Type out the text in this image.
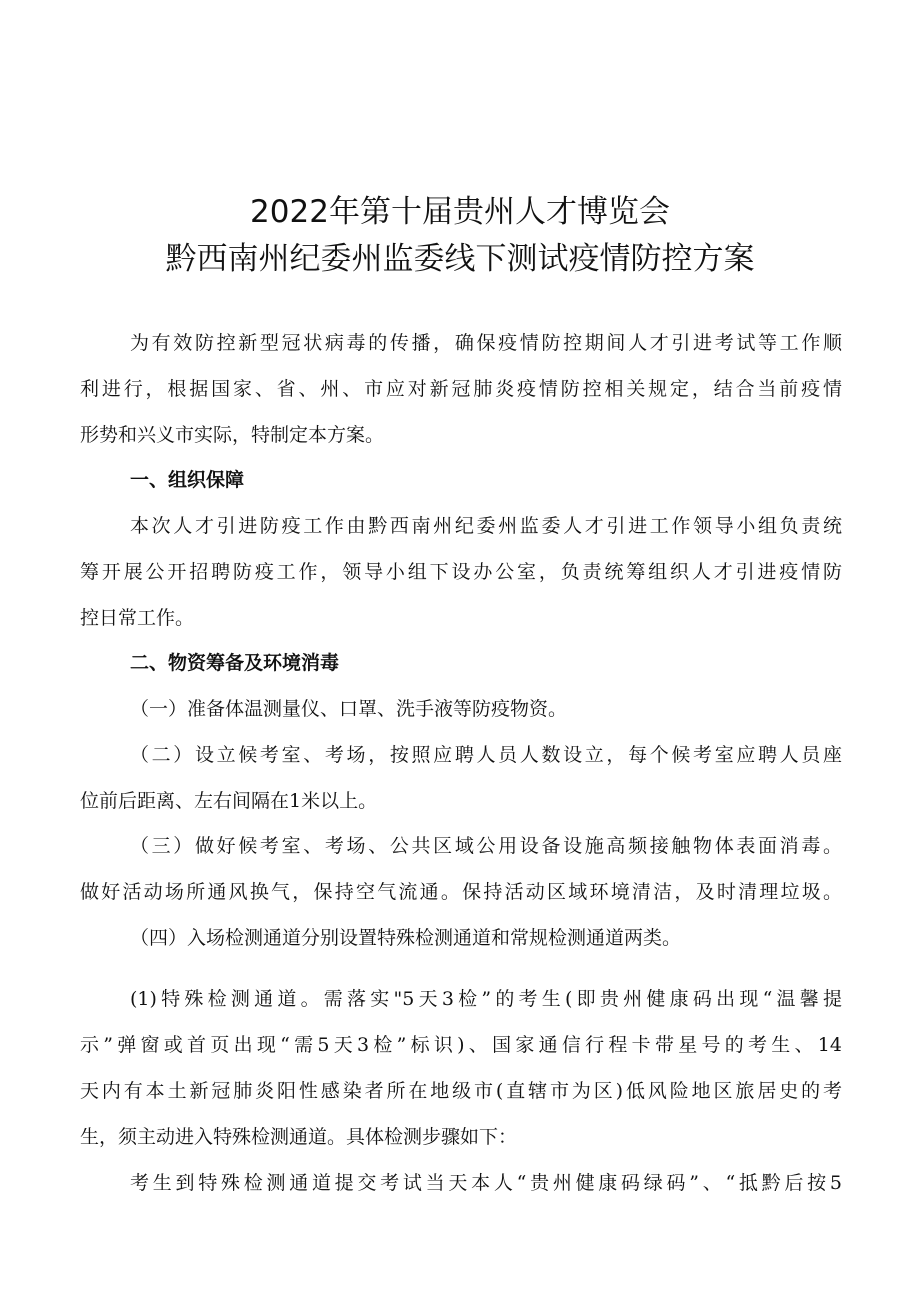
2022年第十届贵州人才博览会
黔西南州纪委州监委线下测试疫情防控方案
为有效防控新型冠状病毒的传播，确保疫情防控期间人才引进考试等工作顺
利进行，根据国家、省、州、市应对新冠肺炎疫情防控相关规定，结合当前疫情
形势和兴义市实际，特制定本方案。
一、组织保障
本次人才引进防疫工作由黔西南州纪委州监委人才引进工作领导小组负责统
筹开展公开招聘防疫工作，领导小组下设办公室，负责统筹组织人才引进疫情防
控日常工作。
二、物资筹备及环境消毒
（一）准备体温测量仪、口罩、洗手液等防疫物资。
（二）设立候考室、考场，按照应聘人员人数设立，每个候考室应聘人员座
位前后距离、左右间隔在1米以上。
（三）做好候考室、考场、公共区域公用设备设施高频接触物体表面消毒。
做好活动场所通风换气，保持空气流通。保持活动区域环境清洁，及时清理垃圾。
（四）入场检测通道分别设置特殊检测通道和常规检测通道两类。
(1)特殊检测通道。需落实"5天3检”的考生(即贵州健康码出现“温馨提
示”弹窗或首页出现“需5天3检”标识)、国家通信行程卡带星号的考生、14
天内有本土新冠肺炎阳性感染者所在地级市(直辖市为区)低风险地区旅居史的考
生，须主动进入特殊检测通道。具体检测步骤如下：
考生到特殊检测通道提交考试当天本人“贵州健康码绿码”、“抵黔后按5
